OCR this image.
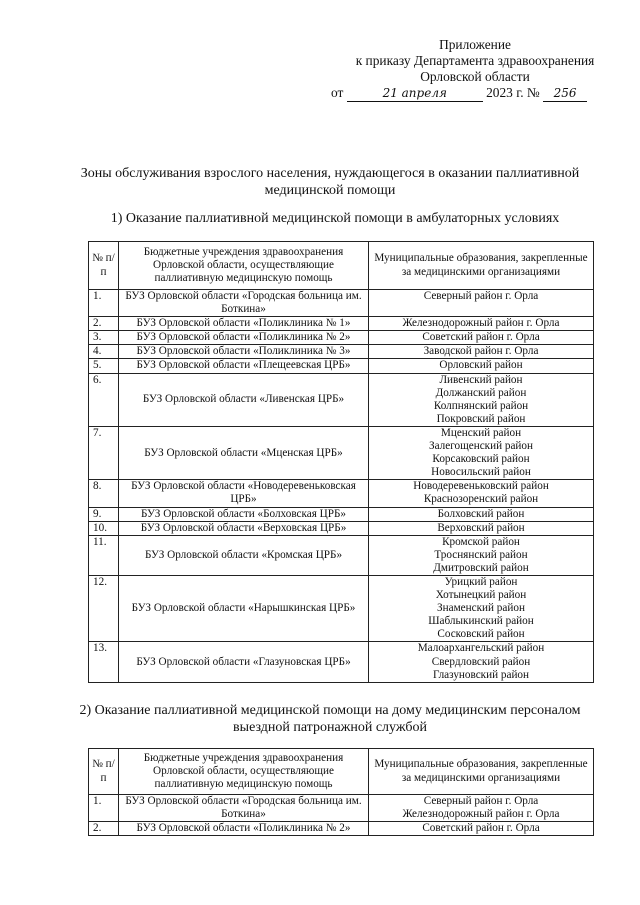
Приложение
к приказу Департамента здравоохранения
Орловской области
от	21 апреля	2023 г. № 256
Зоны обслуживания взрослого населения, нуждающегося в оказании паллиативной медицинской помощи
1) Оказание паллиативной медицинской помощи в амбулаторных условиях
№ п/п	Бюджетные учреждения здравоохранения Орловской области, осуществляющие паллиативную медицинскую помощь	Муниципальные образования, закрепленные за медицинскими организациями
1.	БУЗ Орловской области «Городская больница им. Боткина»	Северный район г. Орла

2.	БУЗ Орловской области «Поликлиника № 1»	Железнодорожный район г. Орла

3.	БУЗ Орловской области «Поликлиника № 2»	Советский район г. Орла

4.	БУЗ Орловской области «Поликлиника № 3»	Заводской район г. Орла

5.	БУЗ Орловской области «Плещеевская ЦРБ»	Орловский район

6.	БУЗ Орловской области «Ливенская ЦРБ»	Ливенский район
Должанский район
Колпнянский район
Покровский район

7.	БУЗ Орловской области «Мценская ЦРБ»	Мценский район
Залегощенский район
Корсаковский район
Новосильский район

8.	БУЗ Орловской области «Новодеревеньковская ЦРБ»	Новодеревеньковский район
Краснозоренский район

9.	БУЗ Орловской области «Болховская ЦРБ»	Болховский район

10.	БУЗ Орловской области «Верховская ЦРБ»	Верховский район

11.	БУЗ Орловской области «Кромская ЦРБ»	Кромской район
Троснянский район
Дмитровский район

12.	БУЗ Орловской области «Нарышкинская ЦРБ»	Урицкий район
Хотынецкий район
Знаменский район
Шаблыкинский район
Сосковский район

13.	БУЗ Орловской области «Глазуновская ЦРБ»	Малоархангельский район
Свердловский район
Глазуновский район
2) Оказание паллиативной медицинской помощи на дому медицинским персоналом выездной патронажной службой
№ п/п	Бюджетные учреждения здравоохранения Орловской области, осуществляющие паллиативную медицинскую помощь	Муниципальные образования, закрепленные за медицинскими организациями
1.	БУЗ Орловской области «Городская больница им. Боткина»	Северный район г. Орла
Железнодорожный район г. Орла

2.	БУЗ Орловской области «Поликлиника № 2»	Советский район г. Орла
